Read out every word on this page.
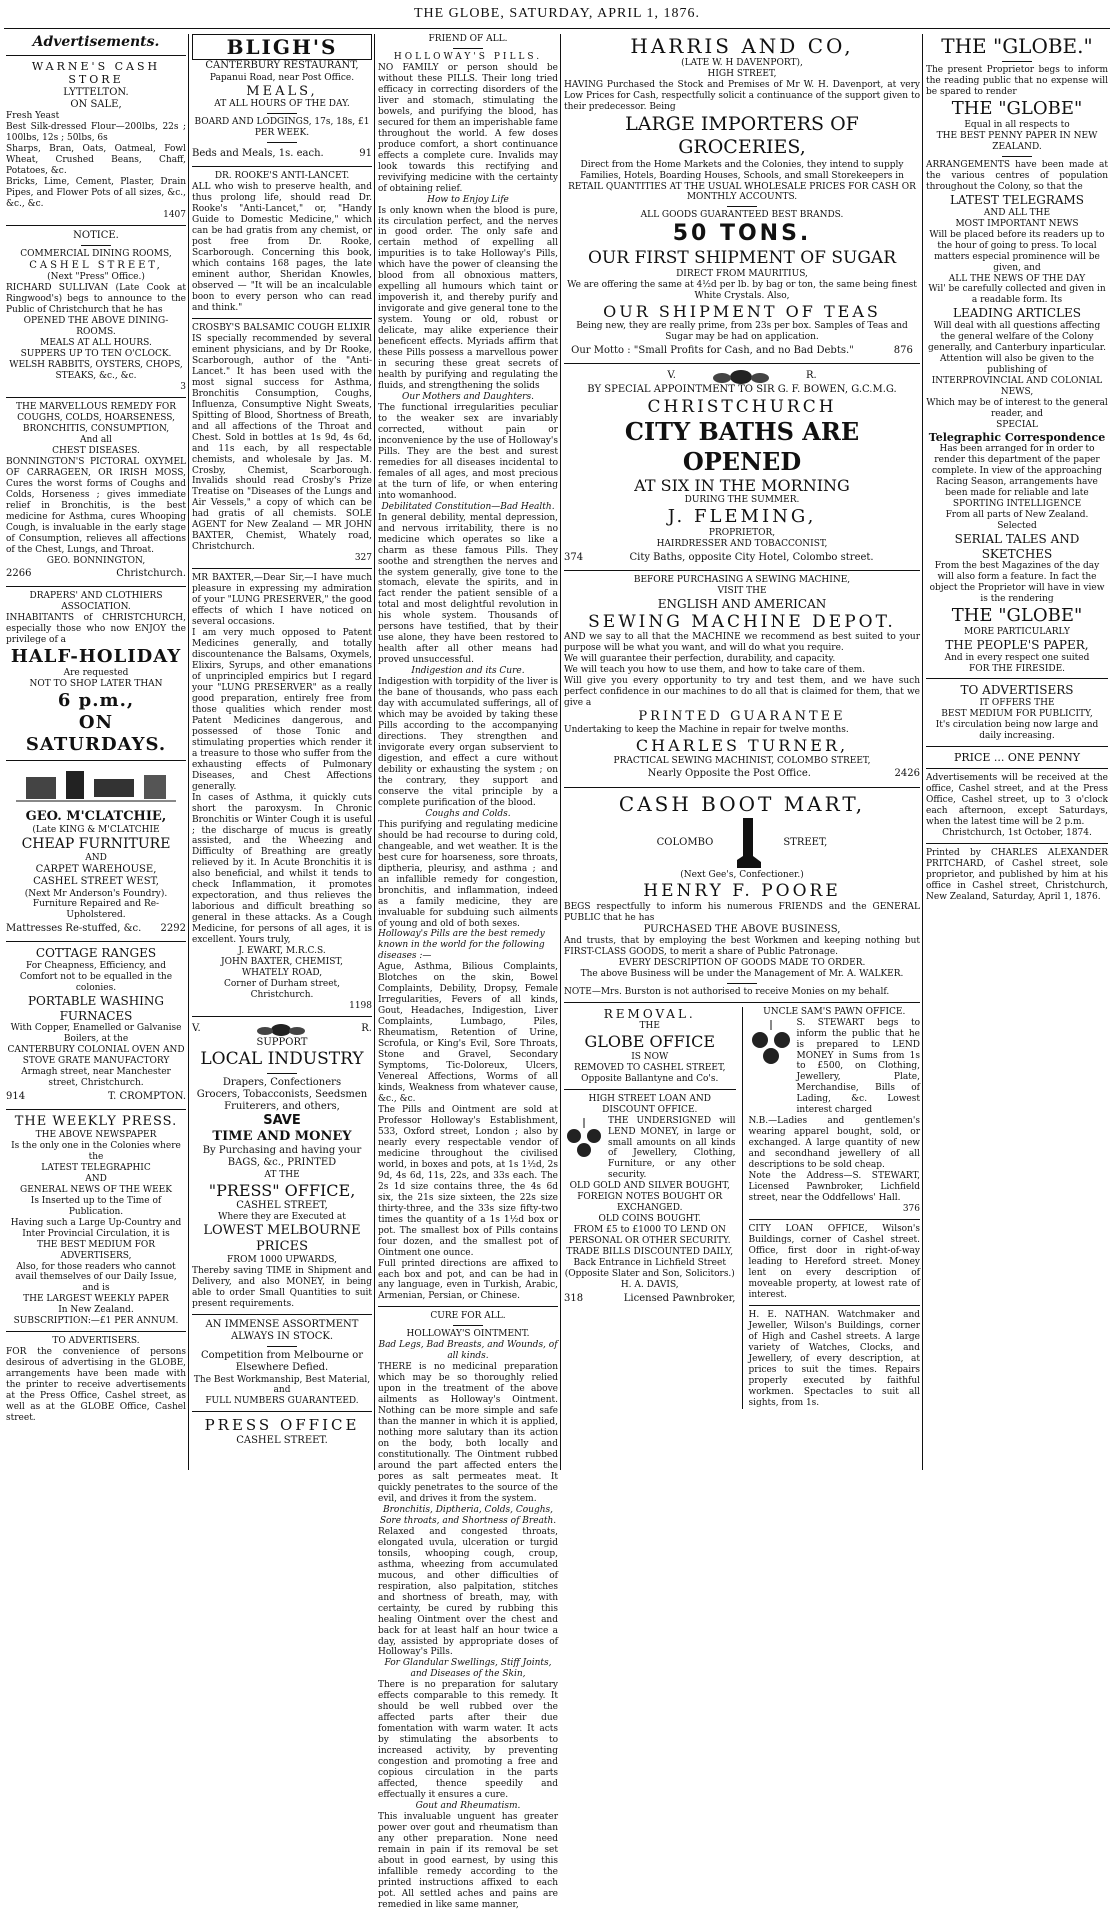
THE GLOBE, SATURDAY, APRIL 1, 1876.
Advertisements.
WARNE'S CASH STORE
LYTTELTON.
ON SALE,
Fresh Yeast
Best Silk-dressed Flour—200lbs, 22s ; 100lbs, 12s ; 50lbs, 6s
Sharps, Bran, Oats, Oatmeal, Fowl Wheat, Crushed Beans, Chaff, Potatoes, &c.
Bricks, Lime, Cement, Plaster, Drain Pipes, and Flower Pots of all sizes, &c., &c., &c.
1407
NOTICE.
COMMERCIAL DINING ROOMS,
CASHEL STREET,
(Next "Press" Office.)
RICHARD SULLIVAN (Late Cook at Ringwood's) begs to announce to the Public of Christchurch that he has
OPENED THE ABOVE DINING-ROOMS.
MEALS AT ALL HOURS.
SUPPERS UP TO TEN O'CLOCK.
WELSH RABBITS, OYSTERS, CHOPS, STEAKS, &c., &c.
3
THE MARVELLOUS REMEDY FOR COUGHS, COLDS, HOARSENESS, BRONCHITIS, CONSUMPTION,
And all
CHEST DISEASES.
BONNINGTON'S PICTORAL OXYMEL OF CARRAGEEN, OR IRISH MOSS, Cures the worst forms of Coughs and Colds, Horseness ; gives immediate relief in Bronchitis, is the best medicine for Asthma, cures Whooping Cough, is invaluable in the early stage of Consumption, relieves all affections of the Chest, Lungs, and Throat.
GEO. BONNINGTON,
2266	Christchurch.
DRAPERS' AND CLOTHIERS ASSOCIATION.
INHABITANTS of CHRISTCHURCH, especially those who now ENJOY the privilege of a
HALF-HOLIDAY
Are requested
NOT TO SHOP LATER THAN
6 p.m.,
ON SATURDAYS.
GEO. M'CLATCHIE,
(Late KING & M'CLATCHIE
CHEAP FURNITURE
AND
CARPET WAREHOUSE,
CASHEL STREET WEST,
(Next Mr Anderson's Foundry).
Furniture Repaired and Re-Upholstered.
Mattresses Re-stuffed, &c. 2292
COTTAGE RANGES
For Cheapness, Efficiency, and Comfort not to be equalled in the colonies.
PORTABLE WASHING FURNACES
With Copper, Enamelled or Galvanise Boilers, at the
CANTERBURY COLONIAL OVEN AND STOVE GRATE MANUFACTORY
Armagh street, near Manchester street, Christchurch.
914	T. CROMPTON.
THE WEEKLY PRESS.
THE ABOVE NEWSPAPER
Is the only one in the Colonies where the
LATEST TELEGRAPHIC
AND
GENERAL NEWS OF THE WEEK
Is Inserted up to the Time of Publication.
Having such a Large Up-Country and Inter Provincial Circulation, it is
THE BEST MEDIUM FOR ADVERTISERS,
Also, for those readers who cannot avail themselves of our Daily Issue, and is
THE LARGEST WEEKLY PAPER
In New Zealand.
SUBSCRIPTION:—£1 PER ANNUM.
TO ADVERTISERS.
FOR the convenience of persons desirous of advertising in the GLOBE, arrangements have been made with the printer to receive advertisements at the Press Office, Cashel street, as well as at the GLOBE Office, Cashel street.
BLIGH'S
CANTERBURY RESTAURANT,
Papanui Road, near Post Office.
MEALS,
AT ALL HOURS OF THE DAY.
BOARD AND LODGINGS, 17s, 18s, £1 PER WEEK.
Beds and Meals, 1s. each.	91
DR. ROOKE'S ANTI-LANCET.
ALL who wish to preserve health, and thus prolong life, should read Dr. Rooke's "Anti-Lancet," or, "Handy Guide to Domestic Medicine," which can be had gratis from any chemist, or post free from Dr. Rooke, Scarborough. Concerning this book, which contains 168 pages, the late eminent author, Sheridan Knowles, observed — "It will be an incalculable boon to every person who can read and think."
CROSBY'S BALSAMIC COUGH ELIXIR
IS specially recommended by several eminent physicians, and by Dr Rooke, Scarborough, author of the "Anti-Lancet." It has been used with the most signal success for Asthma, Bronchitis Consumption, Coughs, Influenza, Consumptive Night Sweats, Spitting of Blood, Shortness of Breath, and all affections of the Throat and Chest. Sold in bottles at 1s 9d, 4s 6d, and 11s each, by all respectable chemists, and wholesale by Jas. M. Crosby, Chemist, Scarborough. Invalids should read Crosby's Prize Treatise on "Diseases of the Lungs and Air Vessels," a copy of which can be had gratis of all chemists. SOLE AGENT for New Zealand — MR JOHN BAXTER, Chemist, Whately road, Christchurch.
327
MR BAXTER,—Dear Sir,—I have much pleasure in expressing my admiration of your "LUNG PRESERVER," the good effects of which I have noticed on several occasions.
I am very much opposed to Patent Medicines generally, and totally discountenance the Balsams, Oxymels, Elixirs, Syrups, and other emanations of unprincipled empirics but I regard your "LUNG PRESERVER" as a really good preparation, entirely free from those qualities which render most Patent Medicines dangerous, and possessed of those Tonic and stimulating properties which render it a treasure to those who suffer from the exhausting effects of Pulmonary Diseases, and Chest Affections generally.
In cases of Asthma, it quickly cuts short the paroxysm. In Chronic Bronchitis or Winter Cough it is useful ; the discharge of mucus is greatly assisted, and the Wheezing and Difficulty of Breathing are greatly relieved by it. In Acute Bronchitis it is also beneficial, and whilst it tends to check Inflammation, it promotes expectoration, and thus relieves the laborious and difficult breathing so general in these attacks. As a Cough Medicine, for persons of all ages, it is excellent. Yours truly,
J. EWART, M.R.C.S.
JOHN BAXTER, CHEMIST,
WHATELY ROAD,
Corner of Durham street, Christchurch.
1198
V.	R.
SUPPORT
LOCAL INDUSTRY
Drapers, Confectioners
Grocers, Tobacconists, Seedsmen
Fruiterers, and others,
SAVE
TIME AND MONEY
By Purchasing and having your
BAGS, &c., PRINTED
AT THE
"PRESS" OFFICE,
CASHEL STREET,
Where they are Executed at
LOWEST MELBOURNE PRICES
FROM 1000 UPWARDS,
Thereby saving TIME in Shipment and Delivery, and also MONEY, in being able to order Small Quantities to suit present requirements.
AN IMMENSE ASSORTMENT
ALWAYS IN STOCK.
Competition from Melbourne or Elsewhere Defied.
The Best Workmanship, Best Material, and
FULL NUMBERS GUARANTEED.
PRESS OFFICE
CASHEL STREET.
FRIEND OF ALL.
HOLLOWAY'S PILLS.
NO FAMILY or person should be without these PILLS. Their long tried efficacy in correcting disorders of the liver and stomach, stimulating the bowels, and purifying the blood, has secured for them an imperishable fame throughout the world. A few doses produce comfort, a short continuance effects a complete cure. Invalids may look towards this rectifying and revivifying medicine with the certainty of obtaining relief.
How to Enjoy Life
Is only known when the blood is pure, its circulation perfect, and the nerves in good order. The only safe and certain method of expelling all impurities is to take Holloway's Pills, which have the power of cleansing the blood from all obnoxious matters, expelling all humours which taint or impoverish it, and thereby purify and invigorate and give general tone to the system. Young or old, robust or delicate, may alike experience their beneficent effects. Myriads affirm that these Pills possess a marvellous power in securing these great secrets of health by purifying and regulating the fluids, and strengthening the solids
Our Mothers and Daughters.
The functional irregularities peculiar to the weaker sex are invariably corrected, without pain or inconvenience by the use of Holloway's Pills. They are the best and surest remedies for all diseases incidental to females of all ages, and most precious at the turn of life, or when entering into womanhood.
Debilitated Constitution—Bad Health.
In general debility, mental depression, and nervous irritability, there is no medicine which operates so like a charm as these famous Pills. They soothe and strengthen the nerves and the system generally, give tone to the stomach, elevate the spirits, and in fact render the patient sensible of a total and most delightful revolution in his whole system. Thousands of persons have testified, that by their use alone, they have been restored to health after all other means had proved unsuccessful.
Indigestion and its Cure.
Indigestion with torpidity of the liver is the bane of thousands, who pass each day with accumulated sufferings, all of which may be avoided by taking these Pills according to the accompanying directions. They strengthen and invigorate every organ subservient to digestion, and effect a cure without debility or exhausting the system ; on the contrary, they support and conserve the vital principle by a complete purification of the blood.
Coughs and Colds.
This purifying and regulating medicine should be had recourse to during cold, changeable, and wet weather. It is the best cure for hoarseness, sore throats, diptheria, pleurisy, and asthma ; and an infallible remedy for congestion, bronchitis, and inflammation, indeed as a family medicine, they are invaluable for subduing such ailments of young and old of both sexes.
Holloway's Pills are the best remedy known in the world for the following diseases :—
Ague, Asthma, Bilious Complaints, Blotches on the skin, Bowel Complaints, Debility, Dropsy, Female Irregularities, Fevers of all kinds, Gout, Headaches, Indigestion, Liver Complaints, Lumbago, Piles, Rheumatism, Retention of Urine, Scrofula, or King's Evil, Sore Throats, Stone and Gravel, Secondary Symptoms, Tic-Doloreux, Ulcers, Venereal Affections, Worms of all kinds, Weakness from whatever cause, &c., &c.
The Pills and Ointment are sold at Professor Holloway's Establishment, 533, Oxford street, London ; also by nearly every respectable vendor of medicine throughout the civilised world, in boxes and pots, at 1s 1½d, 2s 9d, 4s 6d, 11s, 22s, and 33s each. The 2s 1d size contains three, the 4s 6d six, the 21s size sixteen, the 22s size thirty-three, and the 33s size fifty-two times the quantity of a 1s 1½d box or pot. The smallest box of Pills contains four dozen, and the smallest pot of Ointment one ounce.
Full printed directions are affixed to each box and pot, and can be had in any language, even in Turkish, Arabic, Armenian, Persian, or Chinese.
CURE FOR ALL.
HOLLOWAY'S OINTMENT.
Bad Legs, Bad Breasts, and Wounds, of all kinds.
THERE is no medicinal preparation which may be so thoroughly relied upon in the treatment of the above ailments as Holloway's Ointment. Nothing can be more simple and safe than the manner in which it is applied, nothing more salutary than its action on the body, both locally and constitutionally. The Ointment rubbed around the part affected enters the pores as salt permeates meat. It quickly penetrates to the source of the evil, and drives it from the system.
Bronchitis, Diptheria, Colds, Coughs, Sore throats, and Shortness of Breath.
Relaxed and congested throats, elongated uvula, ulceration or turgid tonsils, whooping cough, croup, asthma, wheezing from accumulated mucous, and other difficulties of respiration, also palpitation, stitches and shortness of breath, may, with certainty, be cured by rubbing this healing Ointment over the chest and back for at least half an hour twice a day, assisted by appropriate doses of Holloway's Pills.
For Glandular Swellings, Stiff Joints, and Diseases of the Skin,
There is no preparation for salutary effects comparable to this remedy. It should be well rubbed over the affected parts after their due fomentation with warm water. It acts by stimulating the absorbents to increased activity, by preventing congestion and promoting a free and copious circulation in the parts affected, thence speedily and effectually it ensures a cure.
Gout and Rheumatism.
This invaluable unguent has greater power over gout and rheumatism than any other preparation. None need remain in pain if its removal be set about in good earnest, by using this infallible remedy according to the printed instructions affixed to each pot. All settled aches and pains are remedied in like same manner,
HARRIS AND CO,
(LATE W. H DAVENPORT),
HIGH STREET,
HAVING Purchased the Stock and Premises of Mr W. H. Davenport, at very Low Prices for Cash, respectfully solicit a continuance of the support given to their predecessor. Being
LARGE IMPORTERS OF GROCERIES,
Direct from the Home Markets and the Colonies, they intend to supply Families, Hotels, Boarding Houses, Schools, and small Storekeepers in
RETAIL QUANTITIES AT THE USUAL WHOLESALE PRICES FOR CASH OR MONTHLY ACCOUNTS.
ALL GOODS GUARANTEED BEST BRANDS.
50 TONS.
OUR FIRST SHIPMENT OF SUGAR
DIRECT FROM MAURITIUS,
We are offering the same at 4½d per lb. by bag or ton, the same being finest White Crystals. Also,
OUR SHIPMENT OF TEAS
Being new, they are really prime, from 23s per box. Samples of Teas and Sugar may be had on application.
Our Motto : "Small Profits for Cash, and no Bad Debts."	876
V.	R.
BY SPECIAL APPOINTMENT TO SIR G. F. BOWEN, G.C.M.G.
CHRISTCHURCH
CITY BATHS ARE OPENED
AT SIX IN THE MORNING
DURING THE SUMMER.
J. FLEMING,
PROPRIETOR,
HAIRDRESSER AND TOBACCONIST,
374	City Baths, opposite City Hotel, Colombo street.
BEFORE PURCHASING A SEWING MACHINE,
VISIT THE
ENGLISH AND AMERICAN
SEWING MACHINE DEPOT.
AND we say to all that the MACHINE we recommend as best suited to your purpose will be what you want, and will do what you require.
We will guarantee their perfection, durability, and capacity.
We will teach you how to use them, and how to take care of them.
Will give you every opportunity to try and test them, and we have such perfect confidence in our machines to do all that is claimed for them, that we give a
PRINTED GUARANTEE
Undertaking to keep the Machine in repair for twelve months.
CHARLES TURNER,
PRACTICAL SEWING MACHINIST, COLOMBO STREET,
Nearly Opposite the Post Office.	2426
CASH BOOT MART,
COLOMBO	STREET,
(Next Gee's, Confectioner.)
HENRY F. POORE
BEGS respectfully to inform his numerous FRIENDS and the GENERAL PUBLIC that he has
PURCHASED THE ABOVE BUSINESS,
And trusts, that by employing the best Workmen and keeping nothing but FIRST-CLASS GOODS, to merit a share of Public Patronage.
EVERY DESCRIPTION OF GOODS MADE TO ORDER.
The above Business will be under the Management of Mr. A. WALKER.
NOTE—Mrs. Burston is not authorised to receive Monies on my behalf.
REMOVAL.
THE
GLOBE OFFICE
IS NOW
REMOVED TO CASHEL STREET,
Opposite Ballantyne and Co's.
HIGH STREET LOAN AND DISCOUNT OFFICE.
THE UNDERSIGNED will LEND MONEY, in large or small amounts on all kinds of Jewellery, Clothing, Furniture, or any other security.
OLD GOLD AND SILVER BOUGHT, FOREIGN NOTES BOUGHT OR EXCHANGED.
OLD COINS BOUGHT.
FROM £5 to £1000 TO LEND ON PERSONAL OR OTHER SECURITY.
TRADE BILLS DISCOUNTED DAILY,
Back Entrance in Lichfield Street (Opposite Slater and Son, Solicitors.)
H. A. DAVIS,
318	Licensed Pawnbroker,
UNCLE SAM'S PAWN OFFICE.
S. STEWART begs to inform the public that he is prepared to LEND MONEY in Sums from 1s to £500, on Clothing, Jewellery, Plate, Merchandise, Bills of Lading, &c. Lowest interest charged
N.B.—Ladies and gentlemen's wearing apparel bought, sold, or exchanged. A large quantity of new and secondhand jewellery of all descriptions to be sold cheap.
Note the Address—S. STEWART, Licensed Pawnbroker, Lichfield street, near the Oddfellows' Hall.
376
CITY LOAN OFFICE, Wilson's Buildings, corner of Cashel street. Office, first door in right-of-way leading to Hereford street. Money lent on every description of moveable property, at lowest rate of interest.
H. E. NATHAN. Watchmaker and Jeweller, Wilson's Buildings, corner of High and Cashel streets. A large variety of Watches, Clocks, and Jewellery, of every description, at prices to suit the times. Repairs properly executed by faithful workmen. Spectacles to suit all sights, from 1s.
THE "GLOBE."
The present Proprietor begs to inform the reading public that no expense will be spared to render
THE "GLOBE"
Equal in all respects to
THE BEST PENNY PAPER IN NEW ZEALAND.
ARRANGEMENTS have been made at the various centres of population throughout the Colony, so that the
LATEST TELEGRAMS
AND ALL THE
MOST IMPORTANT NEWS
Will be placed before its readers up to the hour of going to press. To local matters especial prominence will be given, and
ALL THE NEWS OF THE DAY
Wil' be carefully collected and given in a readable form. Its
LEADING ARTICLES
Will deal with all questions affecting the general welfare of the Colony generally, and Canterbury inparticular. Attention will also be given to the publishing of
INTERPROVINCIAL AND COLONIAL NEWS,
Which may be of interest to the general reader, and
SPECIAL
Telegraphic Correspondence
Has been arranged for in order to render this department of the paper complete. In view of the approaching Racing Season, arrangements have been made for reliable and late
SPORTING INTELLIGENCE
From all parts of New Zealand. Selected
SERIAL TALES AND SKETCHES
From the best Magazines of the day will also form a feature. In fact the object the Proprietor will have in view is the rendering
THE "GLOBE"
MORE PARTICULARLY
THE PEOPLE'S PAPER,
And in every respect one suited
FOR THE FIRESIDE.
TO ADVERTISERS
IT OFFERS THE
BEST MEDIUM FOR PUBLICITY,
It's circulation being now large and daily increasing.
PRICE ... ONE PENNY
Advertisements will be received at the office, Cashel street, and at the Press Office, Cashel street, up to 3 o'clock each afternoon, except Saturdays, when the latest time will be 2 p.m.
Christchurch, 1st October, 1874.
Printed by CHARLES ALEXANDER PRITCHARD, of Cashel street, sole proprietor, and published by him at his office in Cashel street, Christchurch, New Zealand, Saturday, April 1, 1876.
